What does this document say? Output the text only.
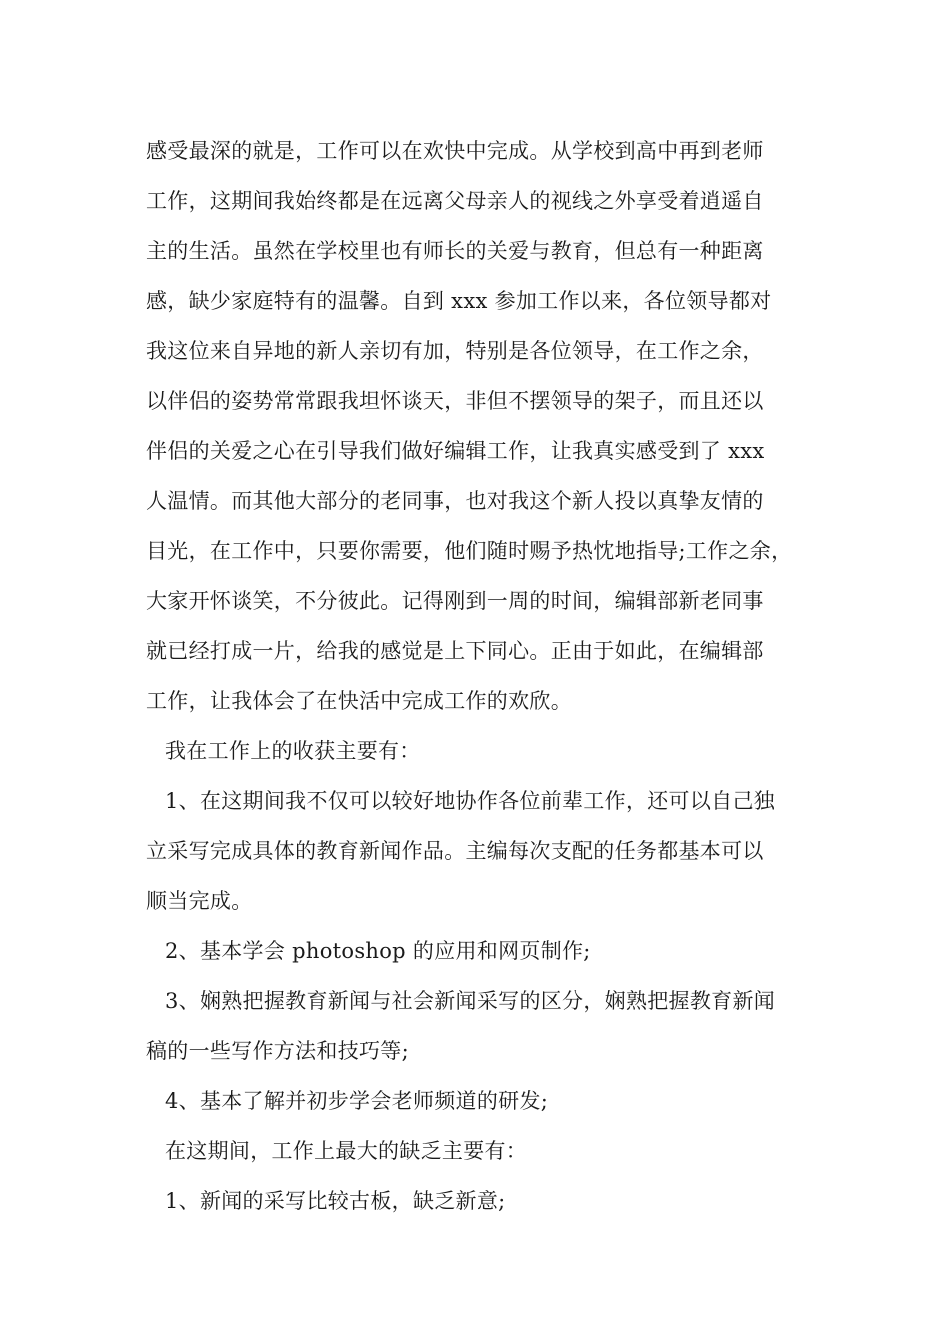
感受最深的就是，工作可以在欢快中完成。从学校到高中再到老师
工作，这期间我始终都是在远离父母亲人的视线之外享受着逍遥自
主的生活。虽然在学校里也有师长的关爱与教育，但总有一种距离
感，缺少家庭特有的温馨。自到 xxx 参加工作以来，各位领导都对
我这位来自异地的新人亲切有加，特别是各位领导，在工作之余，
以伴侣的姿势常常跟我坦怀谈天，非但不摆领导的架子，而且还以
伴侣的关爱之心在引导我们做好编辑工作，让我真实感受到了 xxx
人温情。而其他大部分的老同事，也对我这个新人投以真挚友情的
目光，在工作中，只要你需要，他们随时赐予热忱地指导;工作之余，
大家开怀谈笑，不分彼此。记得刚到一周的时间，编辑部新老同事
就已经打成一片，给我的感觉是上下同心。正由于如此，在编辑部
工作，让我体会了在快活中完成工作的欢欣。
我在工作上的收获主要有：
1、在这期间我不仅可以较好地协作各位前辈工作，还可以自己独
立采写完成具体的教育新闻作品。主编每次支配的任务都基本可以
顺当完成。
2、基本学会 photoshop 的应用和网页制作;
3、娴熟把握教育新闻与社会新闻采写的区分，娴熟把握教育新闻
稿的一些写作方法和技巧等;
4、基本了解并初步学会老师频道的研发;
在这期间，工作上最大的缺乏主要有：
1、新闻的采写比较古板，缺乏新意;
